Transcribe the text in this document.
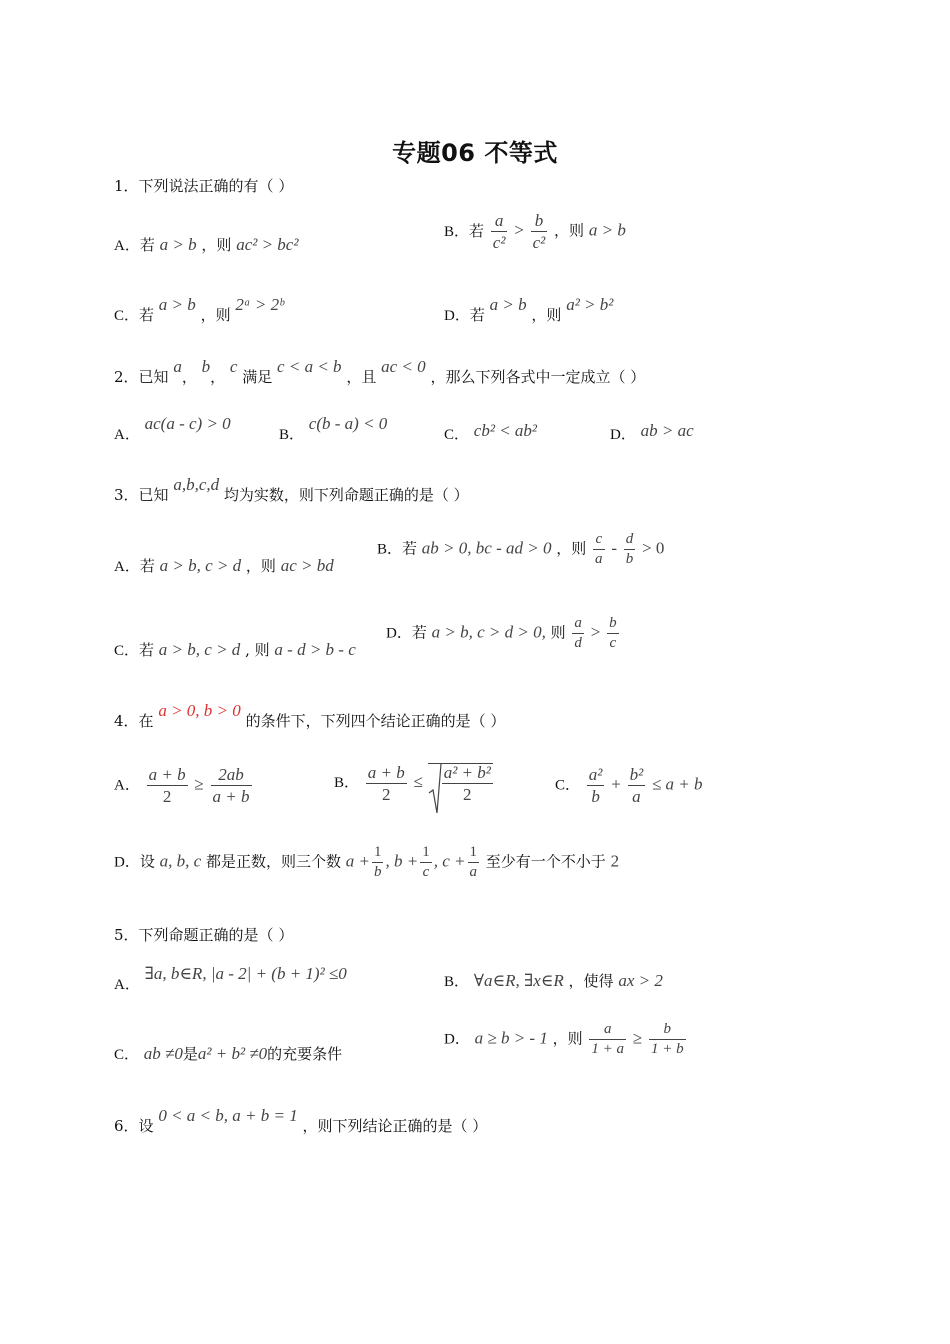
专题06 不等式
1．下列说法正确的有（ ）
A．若 a > b ，则 ac² > bc²
B．若 $\frac{a}{\text{c²}} > \frac{b}{\text{c²}}$ ，则 a > b
C．若 a > b ，则 2ᵃ > 2ᵇ
D．若 a > b ，则 a² > b²
2．已知 a， b， c 满足 c < a < b ，且 ac < 0 ，那么下列各式中一定成立（ ）
A． ac(a - c) > 0
B． c(b - a) < 0
C． cb² < ab²	D． ab > ac
3．已知 a,b,c,d 均为实数，则下列命题正确的是（ ）
A．若 a > b, c > d ，则 ac > bd
B．若 ab > 0, bc - ad > 0 ，则 $\frac{c}{a} - \frac{d}{b} > 0$
C．若 a > b, c > d , 则 a - d > b - c
D．若 a > b, c > d > 0, 则 $\frac{a}{d} > \frac{b}{c}$
4．在 a > 0, b > 0 的条件下，下列四个结论正确的是（ ）
A． $\frac{a + b}{2} \ge \frac{2ab}{a + b}$	B． $\frac{a + b}{2} \le \frac{\text{a² + b²}}{2}$	C． $\frac{\text{a²}}{b} + \frac{\text{b²}}{a} \le a + b$
D．设 a, b, c 都是正数，则三个数 $a + \frac{1}{b}$ , $b + \frac{1}{c}$ , $c + \frac{1}{a}$ 至少有一个不小于 2
5．下列命题正确的是（ ）
A． ∃a, b∈R, |a - 2| + (b + 1)² ≤0	B． ∀a∈R, ∃x∈R ，使得 ax > 2
C． ab ≠0是a² + b² ≠0的充要条件
D． a ≥ b > - 1 ，则 $\frac{a}{1 + a} \ge \frac{b}{1 + b}$
6．设 0 < a < b, a + b = 1 ，则下列结论正确的是（ ）
